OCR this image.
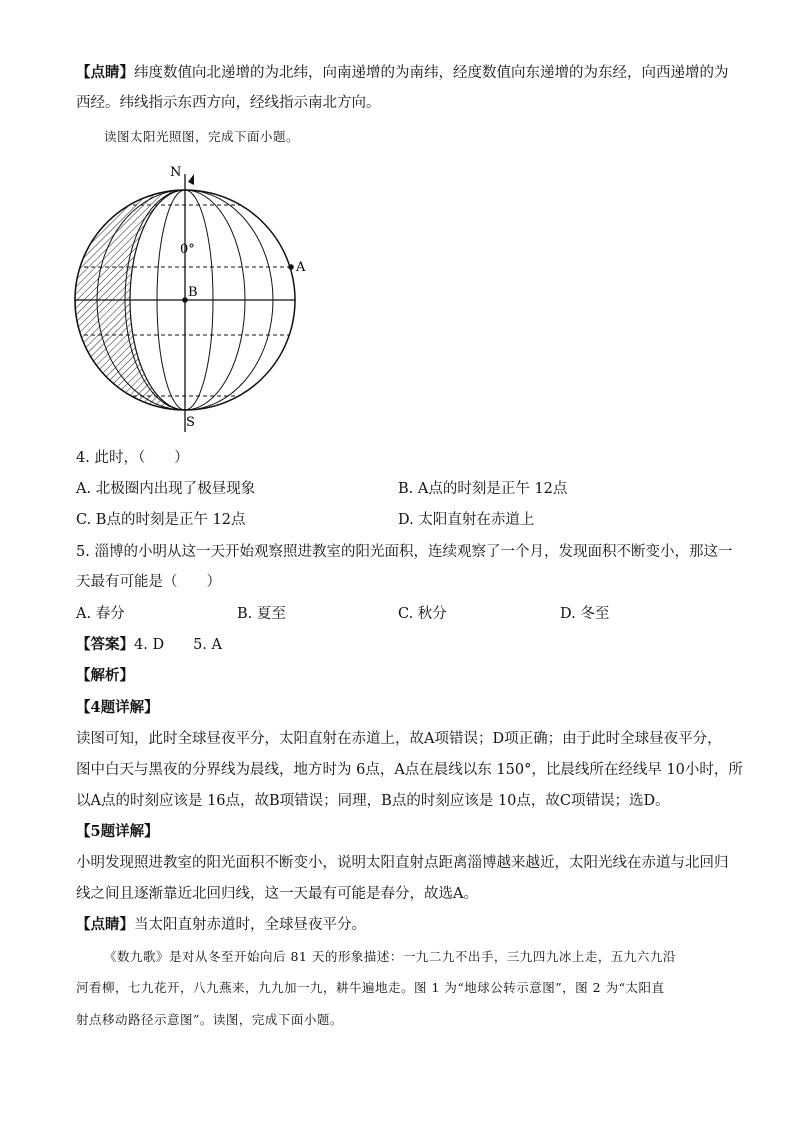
【点睛】纬度数值向北递增的为北纬，向南递增的为南纬，经度数值向东递增的为东经，向西递增的为
西经。纬线指示东西方向，经线指示南北方向。
读图太阳光照图，完成下面小题。
N
S
A
B
0°
4. 此时，（　　）
A. 北极圈内出现了极昼现象	B. A点的时刻是正午 12点
C. B点的时刻是正午 12点	D. 太阳直射在赤道上
5. 淄博的小明从这一天开始观察照进教室的阳光面积，连续观察了一个月，发现面积不断变小，那这一
天最有可能是（　　）
A. 春分	B. 夏至	C. 秋分	D. 冬至
【答案】4. D　　5. A
【解析】
【4题详解】
读图可知，此时全球昼夜平分，太阳直射在赤道上，故A项错误；D项正确；由于此时全球昼夜平分，
图中白天与黑夜的分界线为晨线，地方时为 6点，A点在晨线以东 150°，比晨线所在经线早 10小时，所
以A点的时刻应该是 16点，故B项错误；同理，B点的时刻应该是 10点，故C项错误；选D。
【5题详解】
小明发现照进教室的阳光面积不断变小，说明太阳直射点距离淄博越来越近，太阳光线在赤道与北回归
线之间且逐渐靠近北回归线，这一天最有可能是春分，故选A。
【点睛】当太阳直射赤道时，全球昼夜平分。
《数九歌》是对从冬至开始向后 81 天的形象描述：一九二九不出手，三九四九冰上走，五九六九沿
河看柳，七九花开，八九燕来，九九加一九，耕牛遍地走。图 1 为“地球公转示意图”，图 2 为“太阳直
射点移动路径示意图”。读图，完成下面小题。
